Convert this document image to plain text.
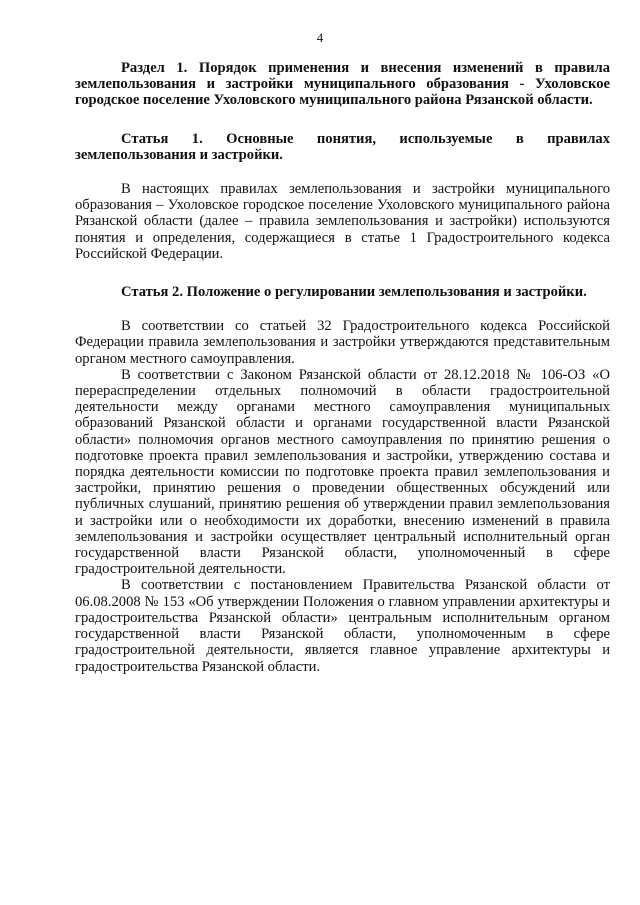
4

Раздел 1. Порядок применения и внесения изменений в правила землепользования и застройки муниципального образования - Ухоловское городское поселение Ухоловского муниципального района Рязанской области.

Статья 1. Основные понятия, используемые в правилах землепользования и застройки.

В настоящих правилах землепользования и застройки муниципального образования – Ухоловское городское поселение Ухоловского муниципального района Рязанской области (далее – правила землепользования и застройки) используются понятия и определения, содержащиеся в статье 1 Градостроительного кодекса Российской Федерации.

Статья 2. Положение о регулировании землепользования и застройки.

В соответствии со статьей 32 Градостроительного кодекса Российской Федерации правила землепользования и застройки утверждаются представительным органом местного самоуправления.

В соответствии с Законом Рязанской области от 28.12.2018 № 106-ОЗ «О перераспределении отдельных полномочий в области градостроительной деятельности между органами местного самоуправления муниципальных образований Рязанской области и органами государственной власти Рязанской области» полномочия органов местного самоуправления по принятию решения о подготовке проекта правил землепользования и застройки, утверждению состава и порядка деятельности комиссии по подготовке проекта правил землепользования и застройки, принятию решения о проведении общественных обсуждений или публичных слушаний, принятию решения об утверждении правил землепользования и застройки или о необходимости их доработки, внесению изменений в правила землепользования и застройки осуществляет центральный исполнительный орган государственной власти Рязанской области, уполномоченный в сфере градостроительной деятельности.

В соответствии с постановлением Правительства Рязанской области от 06.08.2008 № 153 «Об утверждении Положения о главном управлении архитектуры и градостроительства Рязанской области» центральным исполнительным органом государственной власти Рязанской области, уполномоченным в сфере градостроительной деятельности, является главное управление архитектуры и градостроительства Рязанской области.
